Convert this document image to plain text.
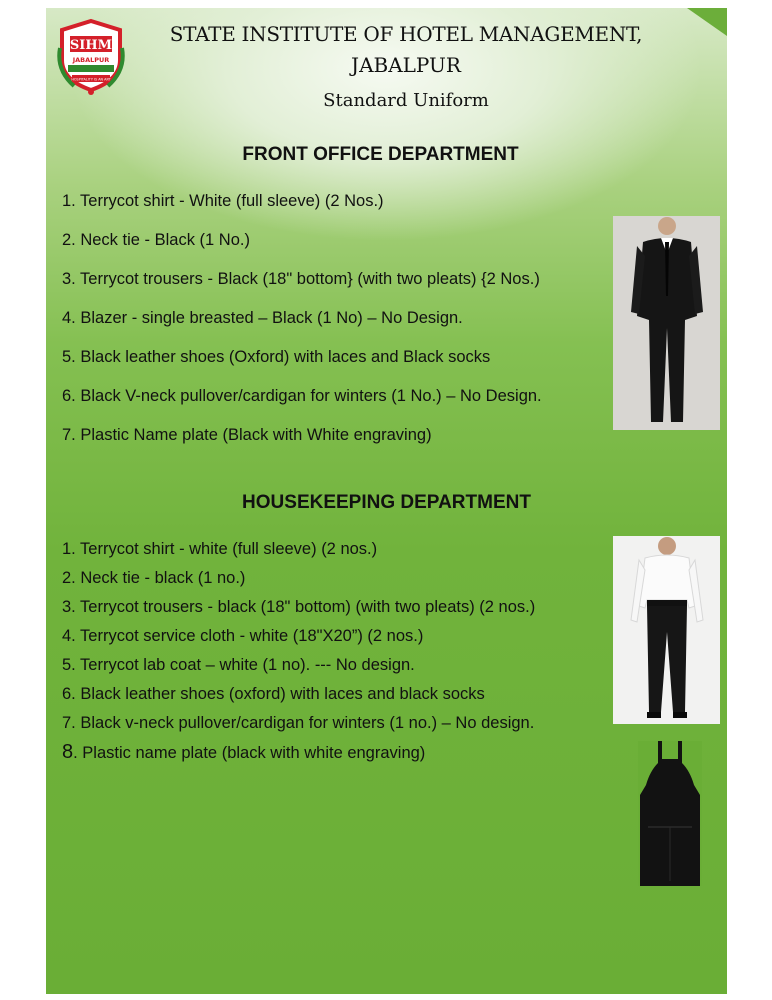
SIHM
JABALPUR
HOSPITALITY IS AN ART
STATE INSTITUTE OF HOTEL MANAGEMENT,
JABALPUR
Standard Uniform
FRONT OFFICE DEPARTMENT
1. Terrycot shirt - White (full sleeve) (2 Nos.)
2. Neck tie - Black (1 No.)
3. Terrycot trousers - Black (18" bottom} (with two pleats) {2 Nos.)
4. Blazer - single breasted – Black (1 No) – No Design.
5. Black leather shoes (Oxford) with laces and Black socks
6. Black V-neck pullover/cardigan for winters (1 No.) – No Design.
7. Plastic Name plate (Black with White engraving)
HOUSEKEEPING DEPARTMENT
1. Terrycot shirt - white (full sleeve) (2 nos.)
2. Neck tie - black (1 no.)
3. Terrycot trousers - black (18" bottom) (with two pleats) (2 nos.)
4. Terrycot service cloth - white (18"X20”) (2 nos.)
5. Terrycot lab coat – white (1 no). --- No design.
6. Black leather shoes (oxford) with laces and black socks
7. Black v-neck pullover/cardigan for winters (1 no.) – No design.
8. Plastic name plate (black with white engraving)
